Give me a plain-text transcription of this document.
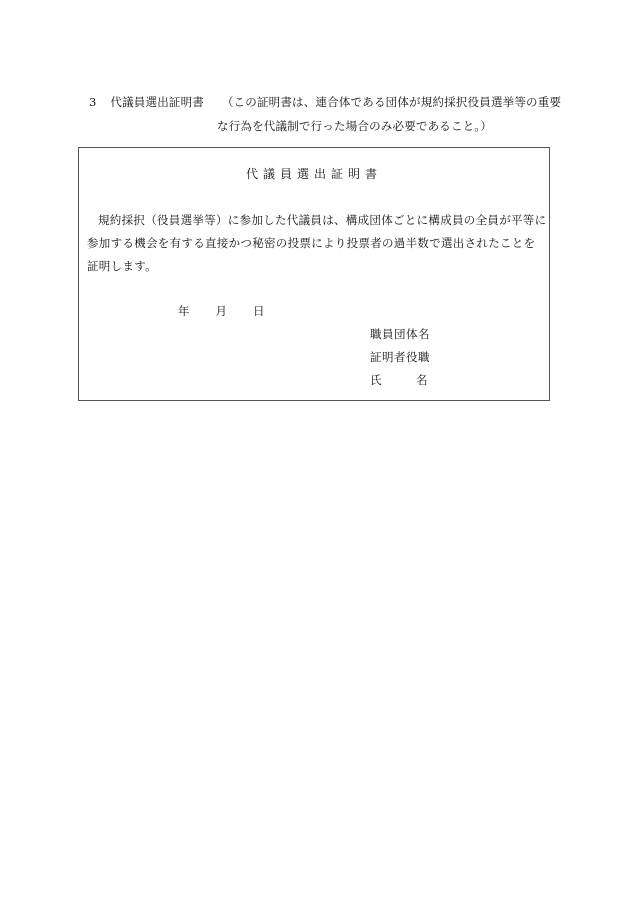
3 代議員選出証明書 （この証明書は、連合体である団体が規約採択役員選挙等の重要
な行為を代議制で行った場合のみ必要であること。）
代議員選出証明書
規約採択（役員選挙等）に参加した代議員は、構成団体ごとに構成員の全員が平等に参加する機会を有する直接かつ秘密の投票により投票者の過半数で選出されたことを証明します。
年 月 日
職員団体名
証明者役職
氏	名
